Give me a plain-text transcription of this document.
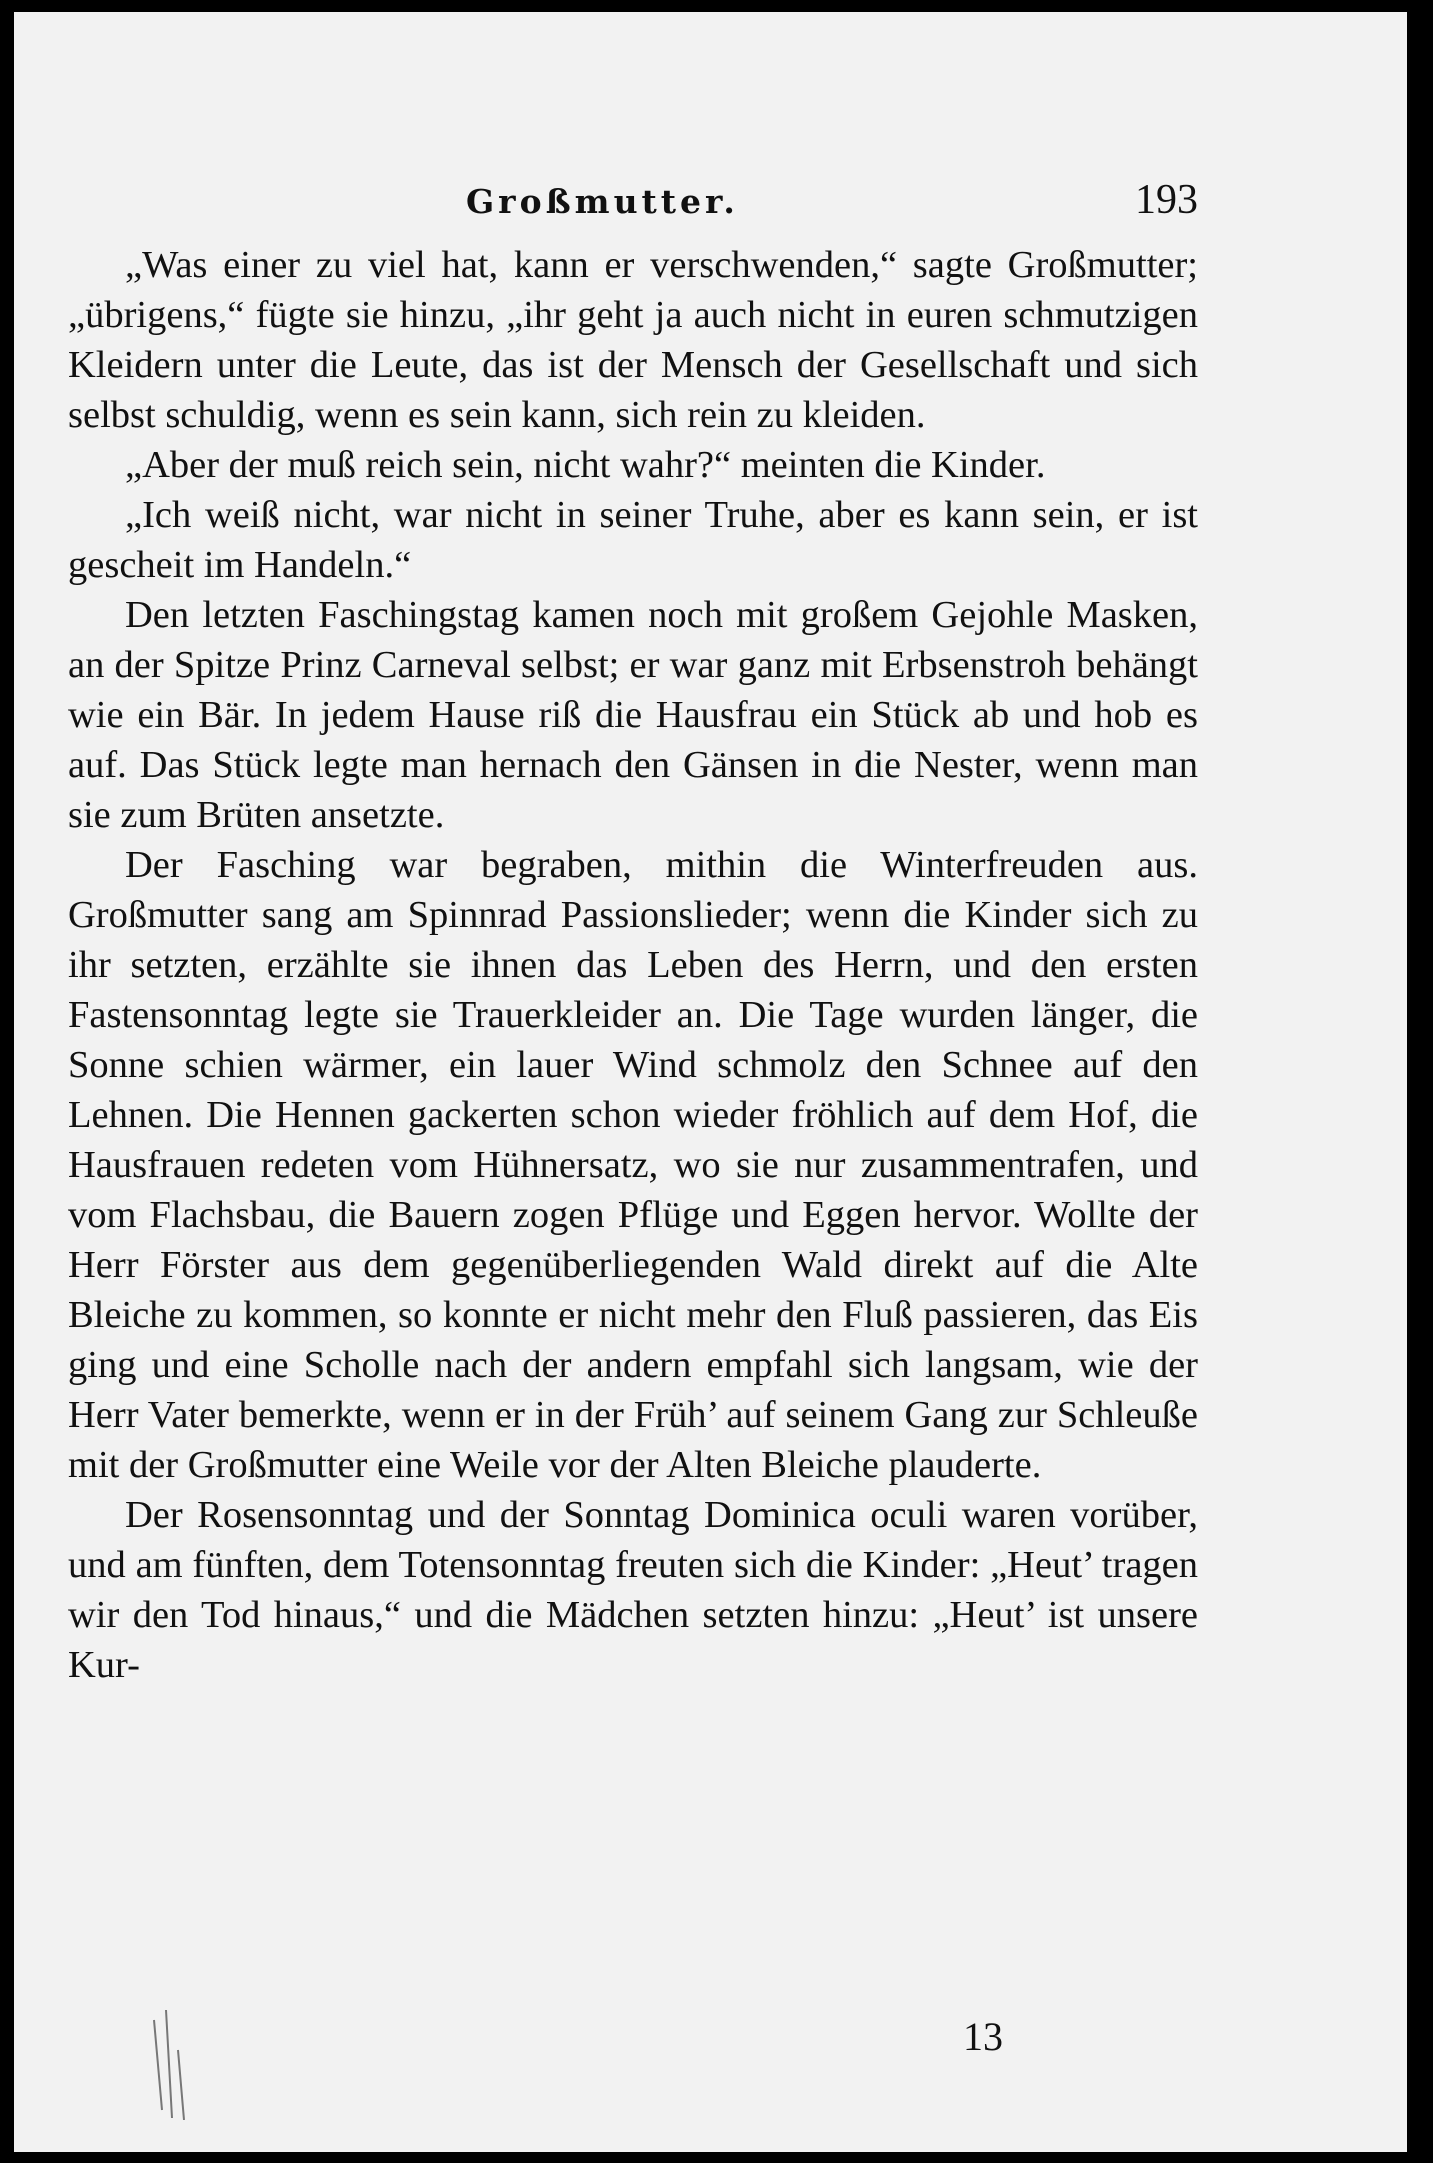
Großmutter.	193

„Was einer zu viel hat, kann er verschwenden,“ sagte Großmutter; „übrigens,“ fügte sie hinzu, „ihr geht ja auch nicht in euren schmutzigen Kleidern unter die Leute, das ist der Mensch der Gesellschaft und sich selbst schuldig, wenn es sein kann, sich rein zu kleiden.

„Aber der muß reich sein, nicht wahr?“ meinten die Kinder.

„Ich weiß nicht, war nicht in seiner Truhe, aber es kann sein, er ist gescheit im Handeln.“

Den letzten Faschingstag kamen noch mit großem Gejohle Masken, an der Spitze Prinz Carneval selbst; er war ganz mit Erbsenstroh behängt wie ein Bär. In jedem Hause riß die Hausfrau ein Stück ab und hob es auf. Das Stück legte man hernach den Gänsen in die Nester, wenn man sie zum Brüten ansetzte.

Der Fasching war begraben, mithin die Winterfreuden aus. Großmutter sang am Spinnrad Passionslieder; wenn die Kinder sich zu ihr setzten, erzählte sie ihnen das Leben des Herrn, und den ersten Fastensonntag legte sie Trauerkleider an. Die Tage wurden länger, die Sonne schien wärmer, ein lauer Wind schmolz den Schnee auf den Lehnen. Die Hennen gackerten schon wieder fröhlich auf dem Hof, die Hausfrauen redeten vom Hühnersatz, wo sie nur zusammentrafen, und vom Flachsbau, die Bauern zogen Pflüge und Eggen hervor. Wollte der Herr Förster aus dem gegenüberliegenden Wald direkt auf die Alte Bleiche zu kommen, so konnte er nicht mehr den Fluß passieren, das Eis ging und eine Scholle nach der andern empfahl sich langsam, wie der Herr Vater bemerkte, wenn er in der Früh’ auf seinem Gang zur Schleuße mit der Großmutter eine Weile vor der Alten Bleiche plauderte.

Der Rosensonntag und der Sonntag Dominica oculi waren vorüber, und am fünften, dem Totensonntag freuten sich die Kinder: „Heut’ tragen wir den Tod hinaus,“ und die Mädchen setzten hinzu: „Heut’ ist unsere Kur-

13
